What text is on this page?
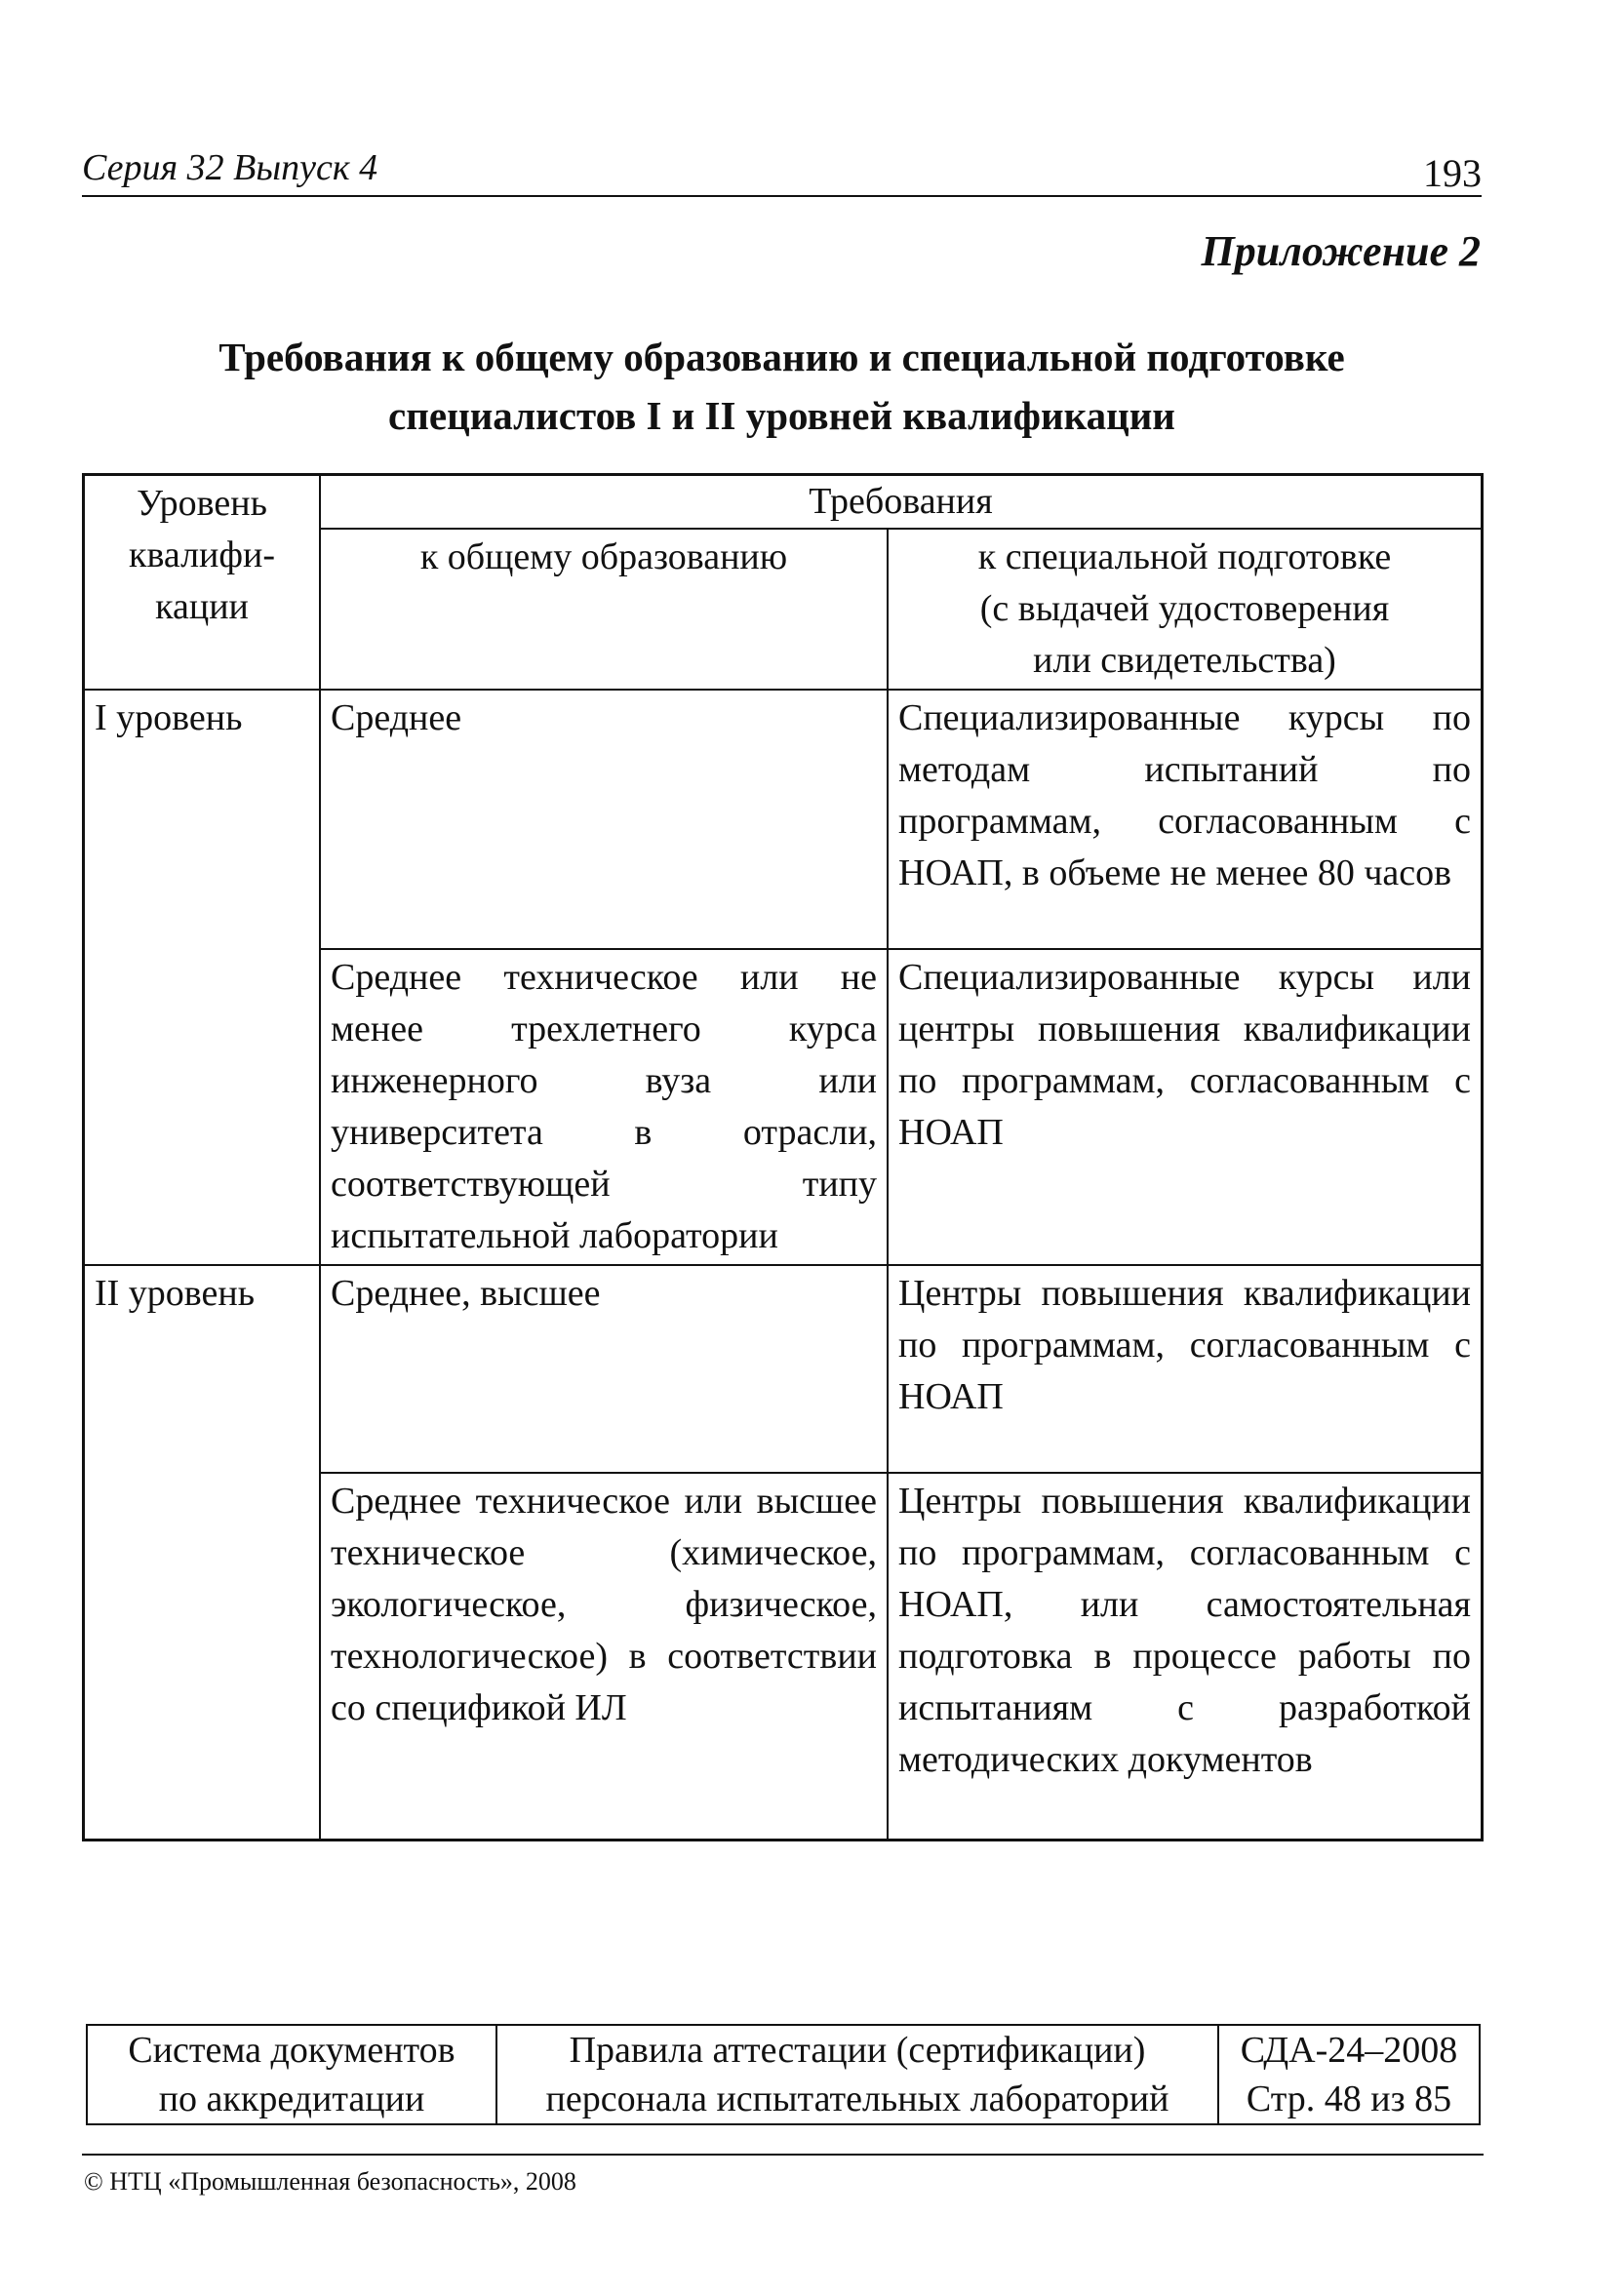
Серия 32 Выпуск 4	193
Приложение 2
Требования к общему образованию и специальной подготовке
специалистов I и II уровней квалификации
Уровень
квалифи-
кации	Требования	
	к общему образованию	к специальной подготовке
(с выдачей удостоверения
или свидетельства)

I уровень	Среднее	Специализированные курсы по методам испытаний по программам, согласованным с НОАП, в объеме не менее 80 часов
	Среднее техническое или не менее трехлетнего курса инженерного вуза или университета в отрасли, соответствующей типу испытательной лаборатории	Специализированные курсы или центры повышения квалификации по программам, согласованным с НОАП
II уровень	Среднее, высшее	Центры повышения квалификации по программам, согласованным с НОАП
	Среднее техническое или высшее техническое (химическое, экологическое, физическое, технологическое) в соответствии со спецификой ИЛ	Центры повышения квалификации по программам, согласованным с НОАП, или самостоятельная подготовка в процессе работы по испытаниям с разработкой методических документов
Система документов
по аккредитации

Правила аттестации (сертификации)
персонала испытательных лабораторий

СДА-24–2008
Стр. 48 из 85
© НТЦ «Промышленная безопасность», 2008
